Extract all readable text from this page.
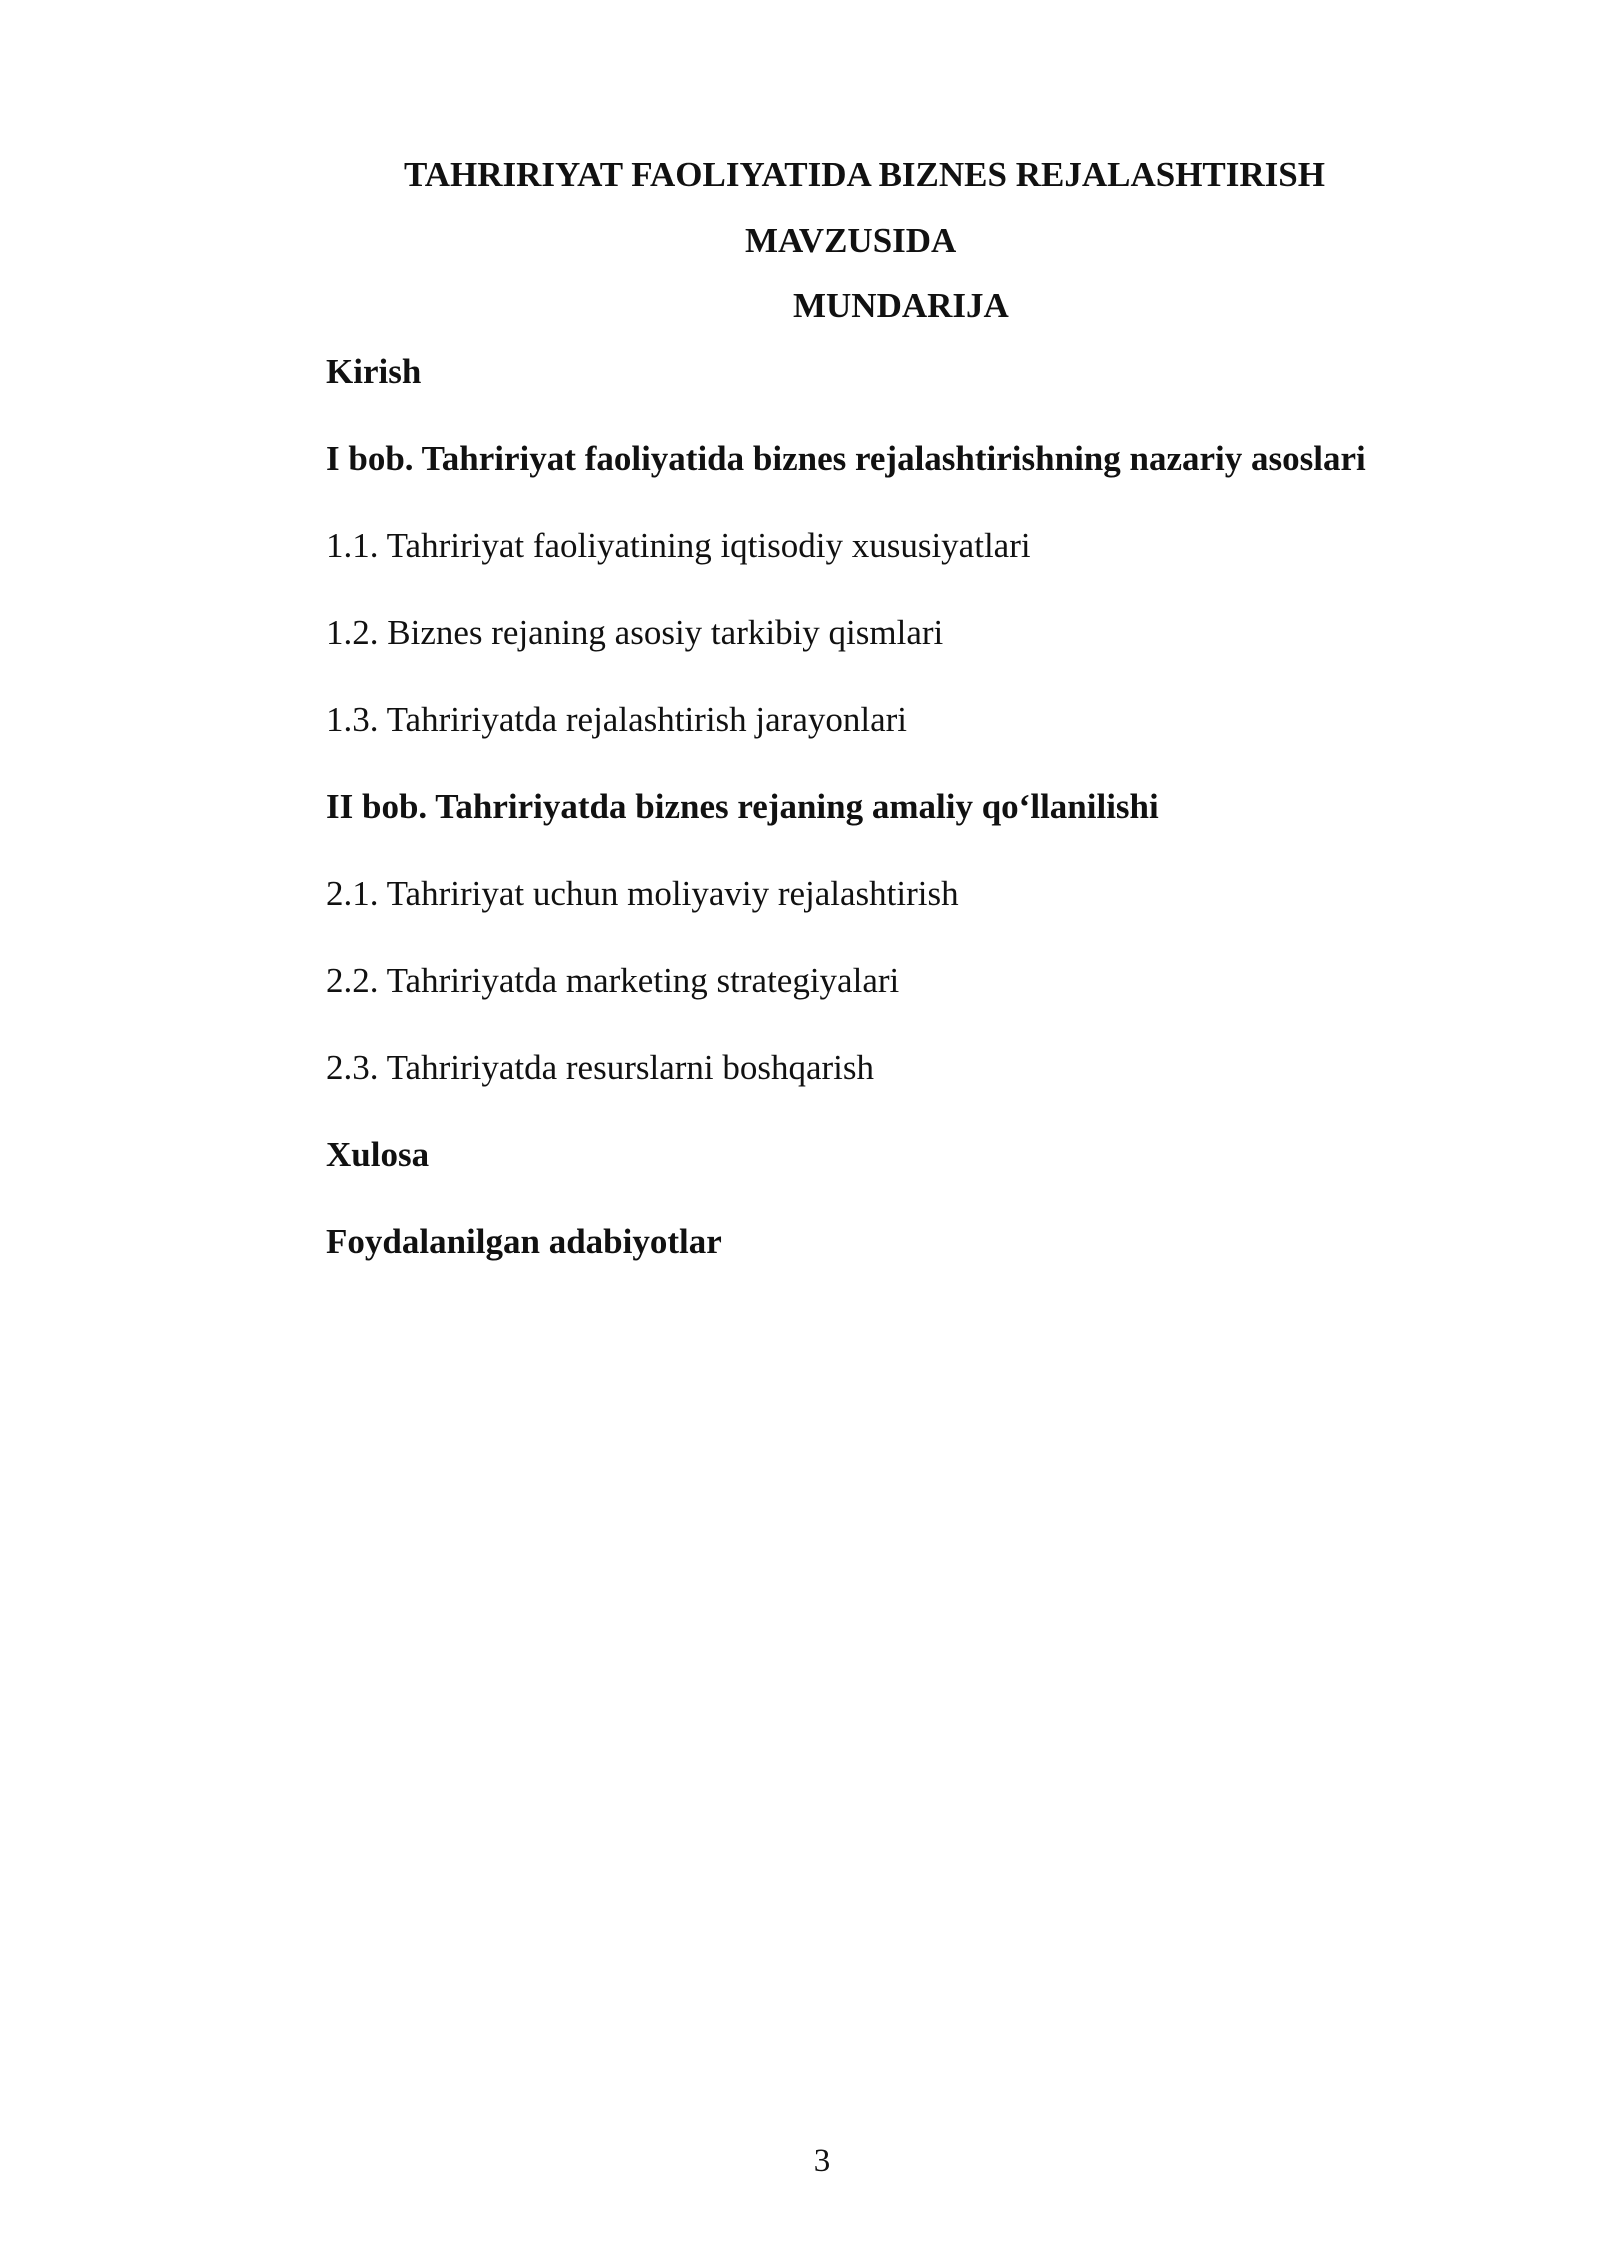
TAHRIRIYAT FAOLIYATIDA BIZNES REJALASHTIRISH

MAVZUSIDA

MUNDARIJA

Kirish
I bob. Tahririyat faoliyatida biznes rejalashtirishning nazariy asoslari
1.1. Tahririyat faoliyatining iqtisodiy xususiyatlari
1.2. Biznes rejaning asosiy tarkibiy qismlari
1.3. Tahririyatda rejalashtirish jarayonlari
II bob. Tahririyatda biznes rejaning amaliy qo‘llanilishi
2.1. Tahririyat uchun moliyaviy rejalashtirish
2.2. Tahririyatda marketing strategiyalari
2.3. Tahririyatda resurslarni boshqarish
Xulosa
Foydalanilgan adabiyotlar
3
